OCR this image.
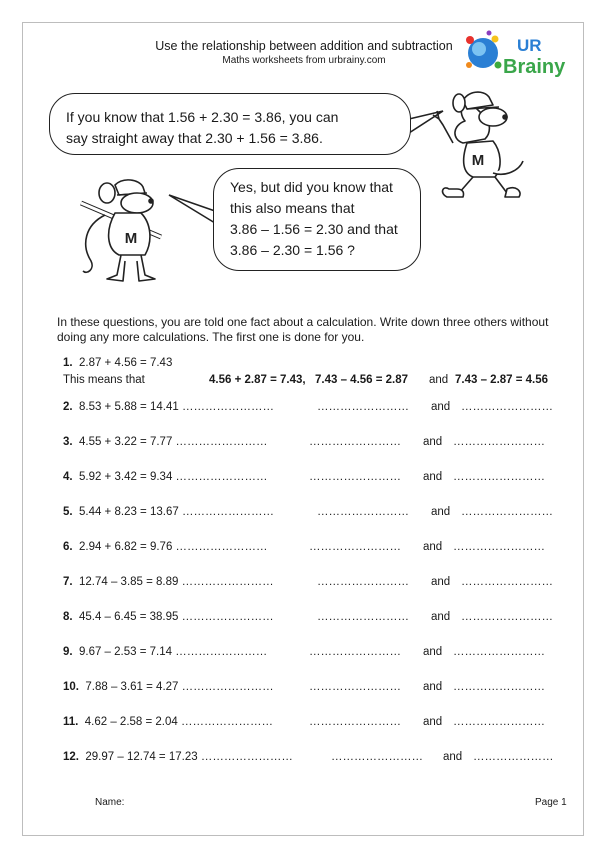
Use the relationship between addition and subtraction
Maths worksheets from urbrainy.com
UR
Brainy
If you know that 1.56 + 2.30 = 3.86, you can
say straight away that 2.30 + 1.56 = 3.86.
Yes, but did you know that
this also means that
3.86 – 1.56 = 2.30 and that
3.86 – 2.30 = 1.56 ?
M
M
In these questions, you are told one fact about a calculation. Write down three others without
doing any more calculations. The first one is done for you.
1. 2.87 + 4.56 = 7.43
This means that	4.56 + 2.87 = 7.43, 7.43 – 4.56 = 2.87 and 7.43 – 2.87 = 4.56
2. 8.53 + 5.88 = 14.41 ……………………	…………………… and ……………………
3. 4.55 + 3.22 = 7.77 ……………………	…………………… and ……………………
4. 5.92 + 3.42 = 9.34 ……………………	…………………… and ……………………
5. 5.44 + 8.23 = 13.67 ……………………	…………………… and ……………………
6. 2.94 + 6.82 = 9.76 ……………………	…………………… and ……………………
7. 12.74 – 3.85 = 8.89 ……………………	…………………… and ……………………
8. 45.4 – 6.45 = 38.95 ……………………	…………………… and ……………………
9. 9.67 – 2.53 = 7.14 ……………………	…………………… and ……………………
10. 7.88 – 3.61 = 4.27 ……………………	…………………… and ……………………
11. 4.62 – 2.58 = 2.04 ……………………	…………………… and ……………………
12. 29.97 – 12.74 = 17.23 ……………………	…………………… and …………………
Name:	Page 1
